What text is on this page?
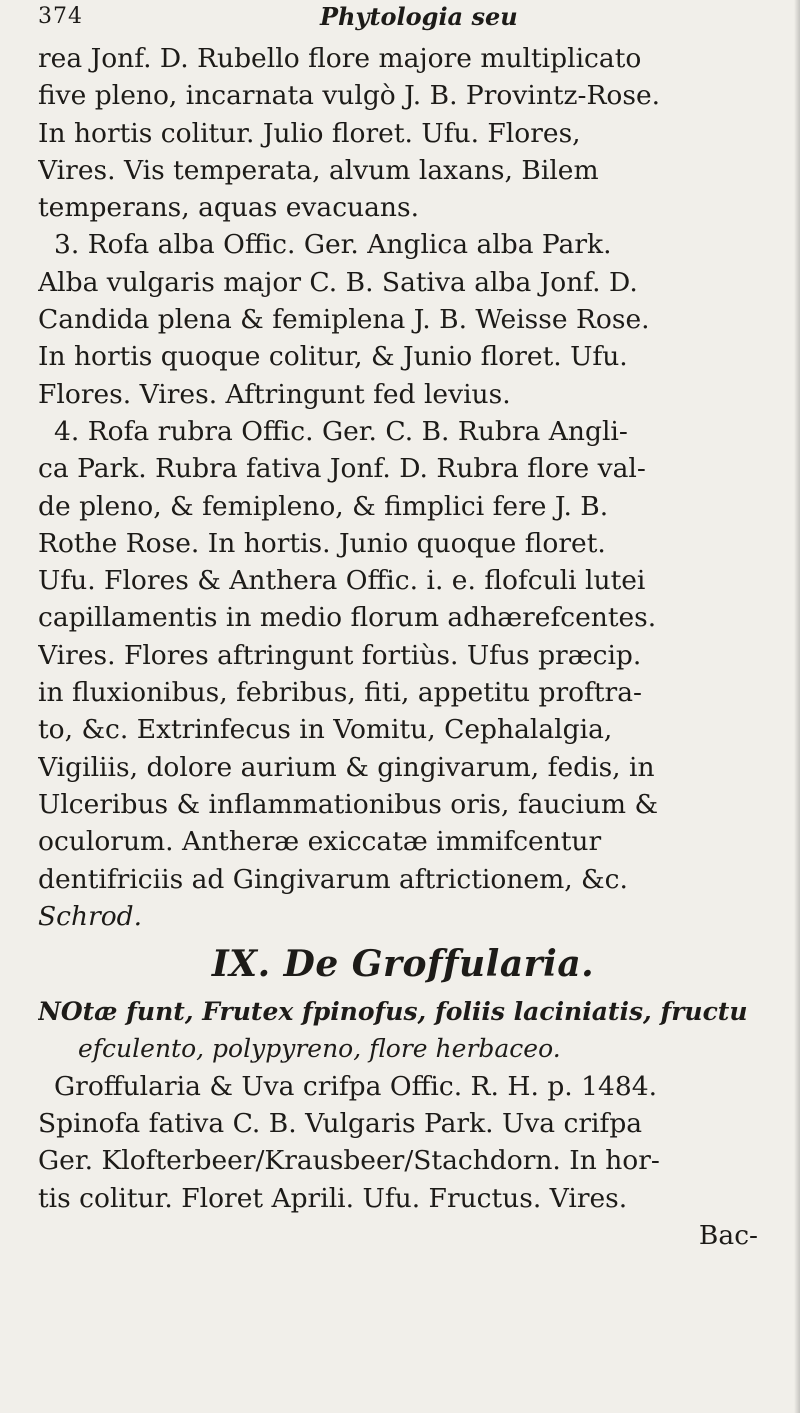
374	Phytologia seu
rea Jonf. D. Rubello flore majore multiplicato
five pleno, incarnata vulgò J. B. Provintz-Rose.
In hortis colitur. Julio floret. Ufu. Flores,
Vires. Vis temperata, alvum laxans, Bilem
temperans, aquas evacuans.
3. Rofa alba Offic. Ger. Anglica alba Park.
Alba vulgaris major C. B. Sativa alba Jonf. D.
Candida plena & femiplena J. B. Weisse Rose.
In hortis quoque colitur, & Junio floret. Ufu.
Flores. Vires. Aftringunt fed levius.
4. Rofa rubra Offic. Ger. C. B. Rubra Angli-
ca Park. Rubra fativa Jonf. D. Rubra flore val-
de pleno, & femipleno, & fimplici fere J. B.
Rothe Rose. In hortis. Junio quoque floret.
Ufu. Flores & Anthera Offic. i. e. flofculi lutei
capillamentis in medio florum adhærefcentes.
Vires. Flores aftringunt fortiùs. Ufus præcip.
in fluxionibus, febribus, fiti, appetitu proftra-
to, &c. Extrinfecus in Vomitu, Cephalalgia,
Vigiliis, dolore aurium & gingivarum, fedis, in
Ulceribus & inflammationibus oris, faucium &
oculorum. Antheræ exiccatæ immifcentur
dentifriciis ad Gingivarum aftrictionem, &c.
Schrod.
IX. De Groffularia.
NOtæ funt, Frutex fpinofus, foliis laciniatis, fructu
efculento, polypyreno, flore herbaceo.
Groffularia & Uva crifpa Offic. R. H. p. 1484.
Spinofa fativa C. B. Vulgaris Park. Uva crifpa
Ger. Klofterbeer/Krausbeer/Stachdorn. In hor-
tis colitur. Floret Aprili. Ufu. Fructus. Vires.
Bac-
